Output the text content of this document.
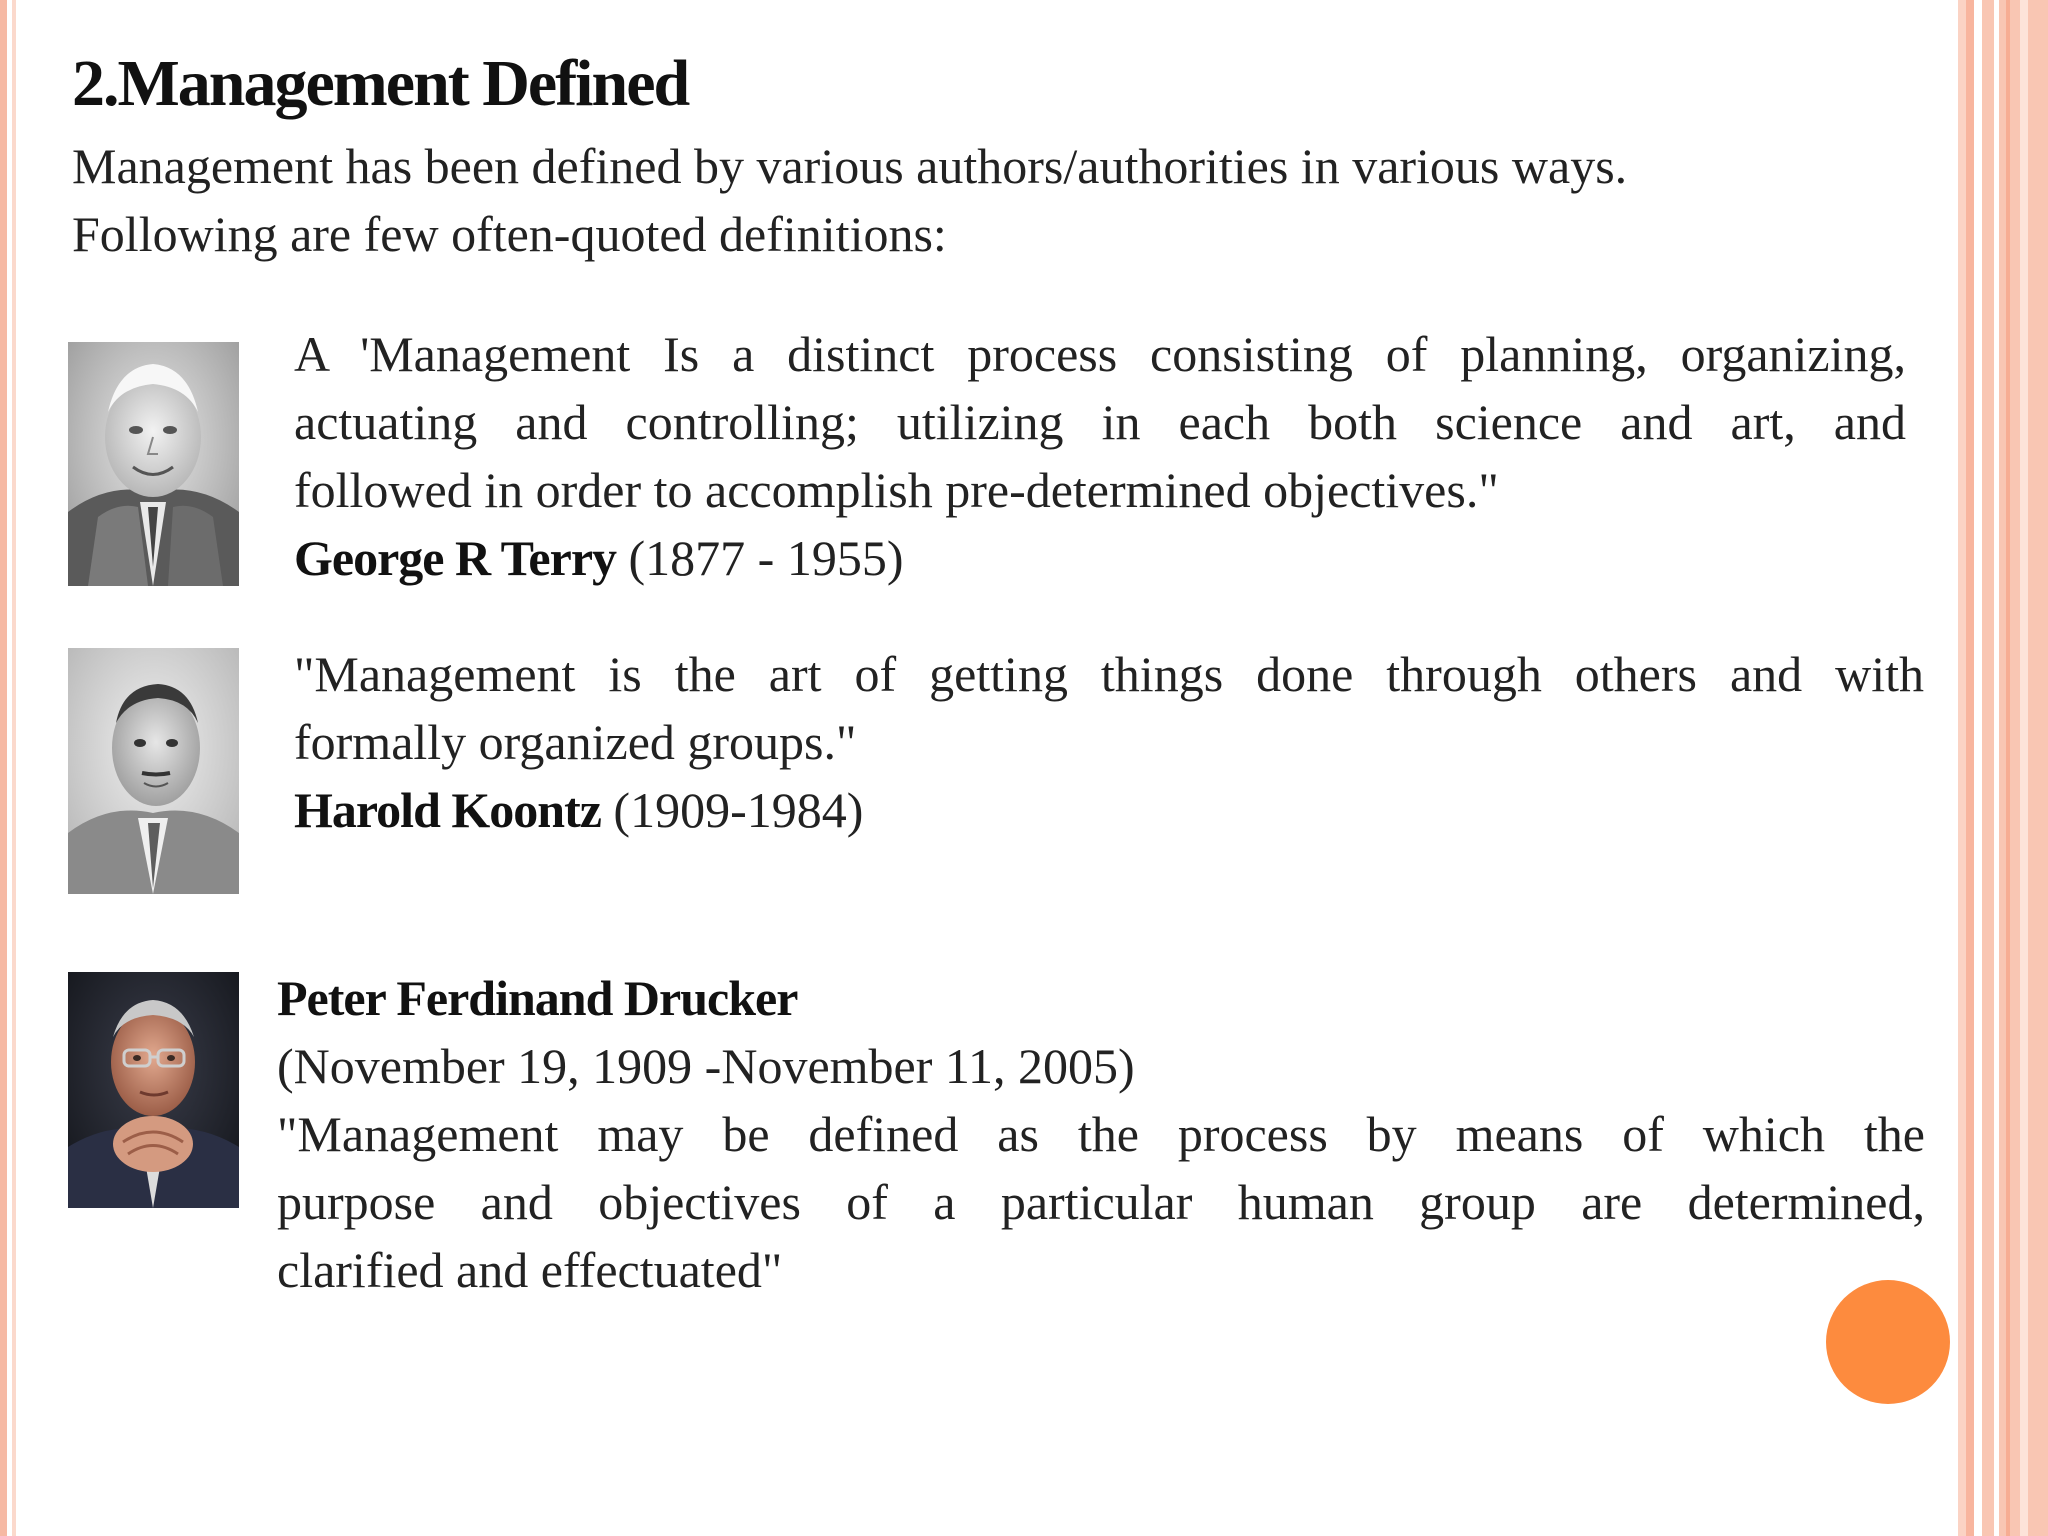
2.Management Defined

Management has been defined by various authors/authorities in various ways.
Following are few often-quoted definitions:

A 'Management Is a distinct process consisting of planning, organizing,
actuating and controlling; utilizing in each both science and art, and
followed in order to accomplish pre-determined objectives."
George R Terry (1877 - 1955)

"Management is the art of getting things done through others and with
formally organized groups."
Harold Koontz (1909-1984)

Peter Ferdinand Drucker
(November 19, 1909 -November 11, 2005)
"Management may be defined as the process by means of which the
purpose and objectives of a particular human group are determined,
clarified and effectuated"
